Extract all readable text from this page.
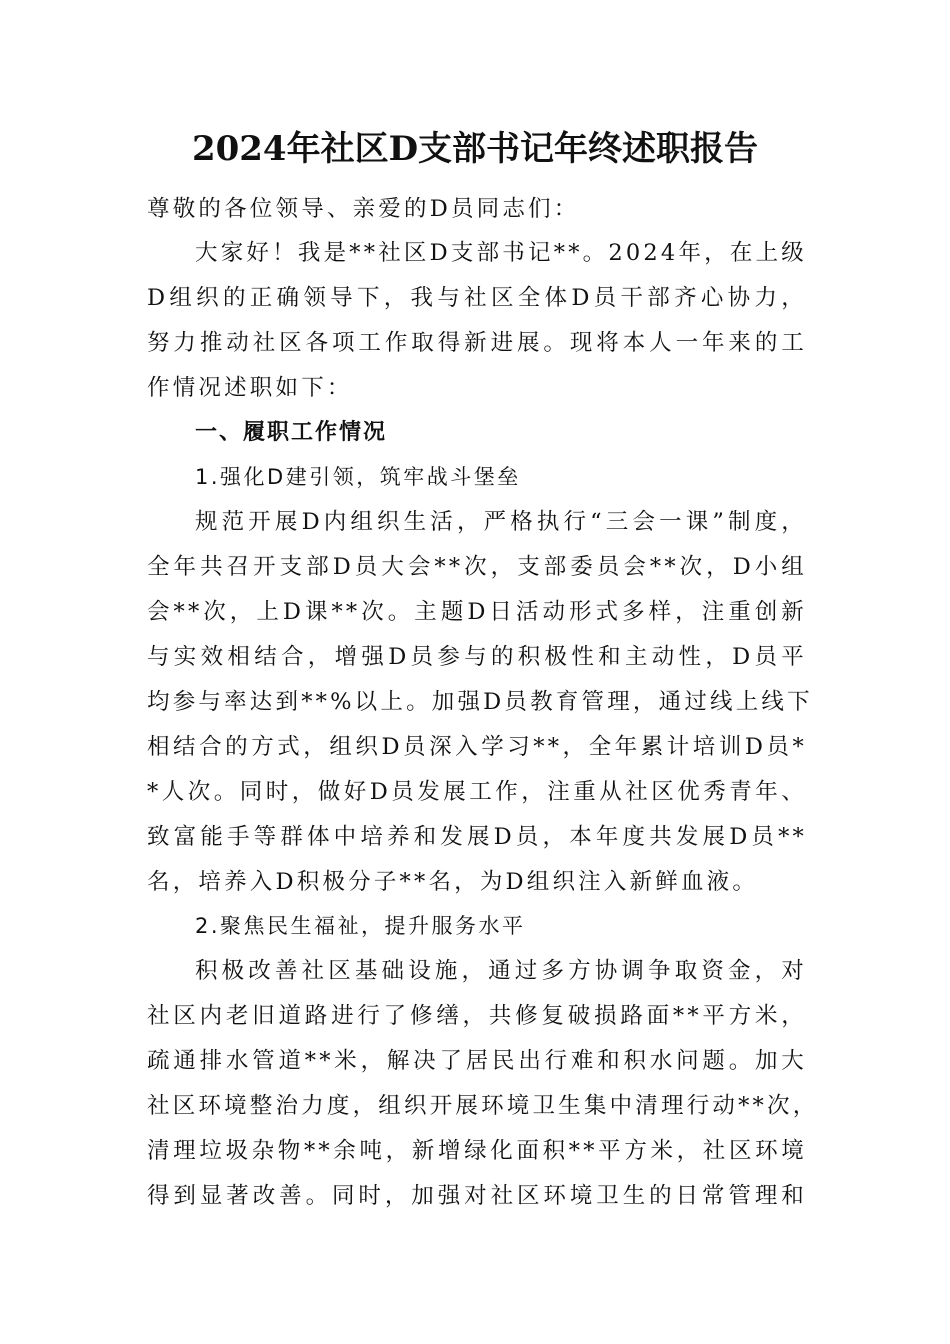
2024年社区D支部书记年终述职报告
尊敬的各位领导、亲爱的D员同志们：
大家好！我是**社区D支部书记**。2024年，在上级
D组织的正确领导下，我与社区全体D员干部齐心协力，
努力推动社区各项工作取得新进展。现将本人一年来的工
作情况述职如下：
一、履职工作情况
1.强化D建引领，筑牢战斗堡垒
规范开展D内组织生活，严格执行“三会一课”制度，
全年共召开支部D员大会**次，支部委员会**次，D小组
会**次，上D课**次。主题D日活动形式多样，注重创新
与实效相结合，增强D员参与的积极性和主动性，D员平
均参与率达到**%以上。加强D员教育管理，通过线上线下
相结合的方式，组织D员深入学习**，全年累计培训D员*
*人次。同时，做好D员发展工作，注重从社区优秀青年、
致富能手等群体中培养和发展D员，本年度共发展D员**
名，培养入D积极分子**名，为D组织注入新鲜血液。
2.聚焦民生福祉，提升服务水平
积极改善社区基础设施，通过多方协调争取资金，对
社区内老旧道路进行了修缮，共修复破损路面**平方米，
疏通排水管道**米，解决了居民出行难和积水问题。加大
社区环境整治力度，组织开展环境卫生集中清理行动**次，
清理垃圾杂物**余吨，新增绿化面积**平方米，社区环境
得到显著改善。同时，加强对社区环境卫生的日常管理和
